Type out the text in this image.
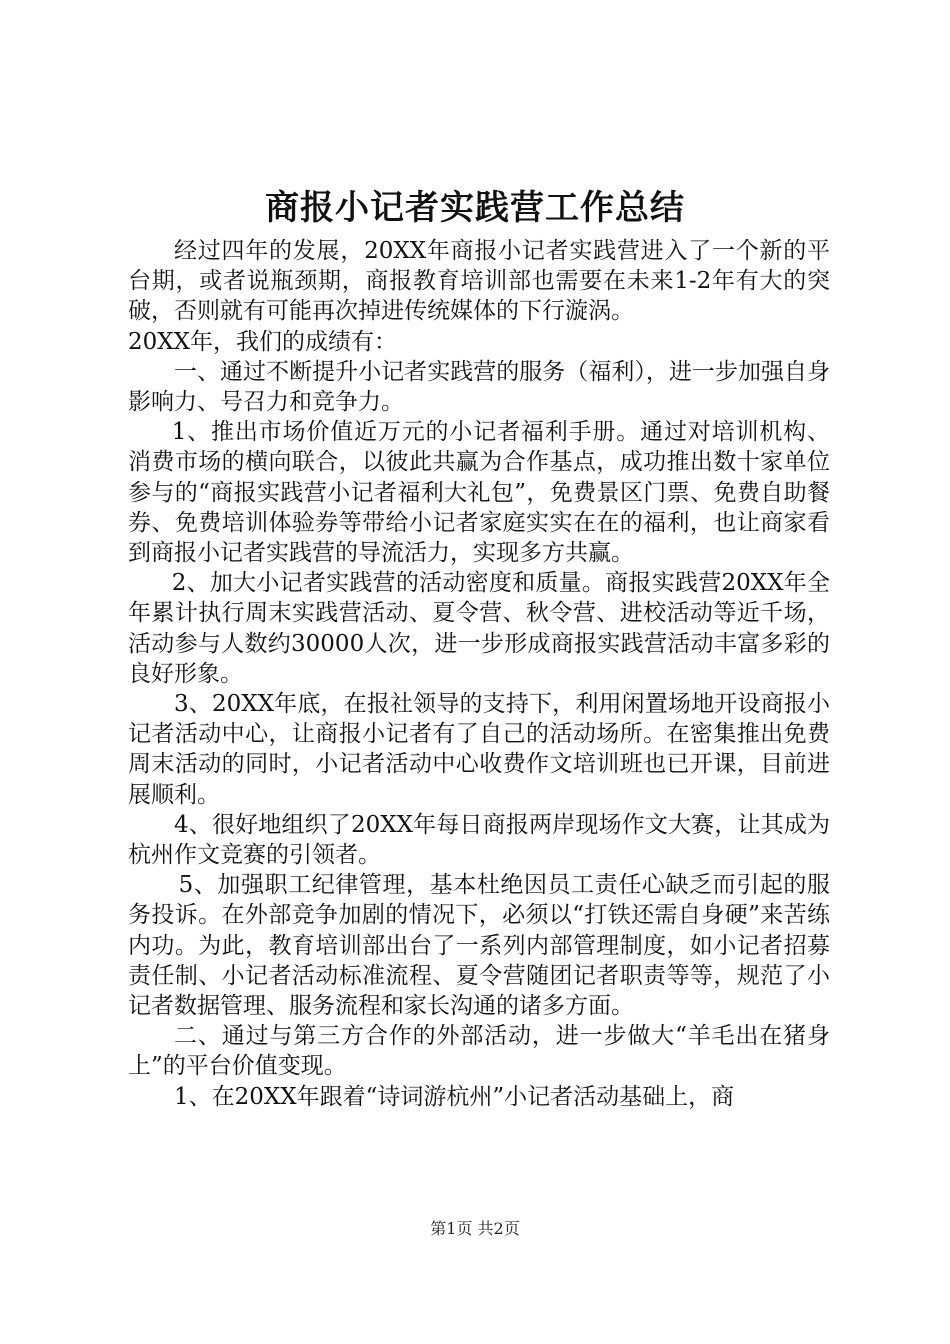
商报小记者实践营工作总结

经过四年的发展，20XX年商报小记者实践营进入了一个新的平台期，或者说瓶颈期，商报教育培训部也需要在未来1-2年有大的突破，否则就有可能再次掉进传统媒体的下行漩涡。

20XX年，我们的成绩有：

一、通过不断提升小记者实践营的服务（福利），进一步加强自身影响力、号召力和竞争力。

1、推出市场价值近万元的小记者福利手册。通过对培训机构、消费市场的横向联合，以彼此共赢为合作基点，成功推出数十家单位参与的“商报实践营小记者福利大礼包”，免费景区门票、免费自助餐券、免费培训体验券等带给小记者家庭实实在在的福利，也让商家看到商报小记者实践营的导流活力，实现多方共赢。

2、加大小记者实践营的活动密度和质量。商报实践营20XX年全年累计执行周末实践营活动、夏令营、秋令营、进校活动等近千场，活动参与人数约30000人次，进一步形成商报实践营活动丰富多彩的良好形象。

3、20XX年底，在报社领导的支持下，利用闲置场地开设商报小记者活动中心，让商报小记者有了自己的活动场所。在密集推出免费周末活动的同时，小记者活动中心收费作文培训班也已开课，目前进展顺利。

4、很好地组织了20XX年每日商报两岸现场作文大赛，让其成为杭州作文竞赛的引领者。

5、加强职工纪律管理，基本杜绝因员工责任心缺乏而引起的服务投诉。在外部竞争加剧的情况下，必须以“打铁还需自身硬”来苦练内功。为此，教育培训部出台了一系列内部管理制度，如小记者招募责任制、小记者活动标准流程、夏令营随团记者职责等等，规范了小记者数据管理、服务流程和家长沟通的诸多方面。

二、通过与第三方合作的外部活动，进一步做大“羊毛出在猪身上”的平台价值变现。

1、在20XX年跟着“诗词游杭州”小记者活动基础上，商

第1页 共2页
